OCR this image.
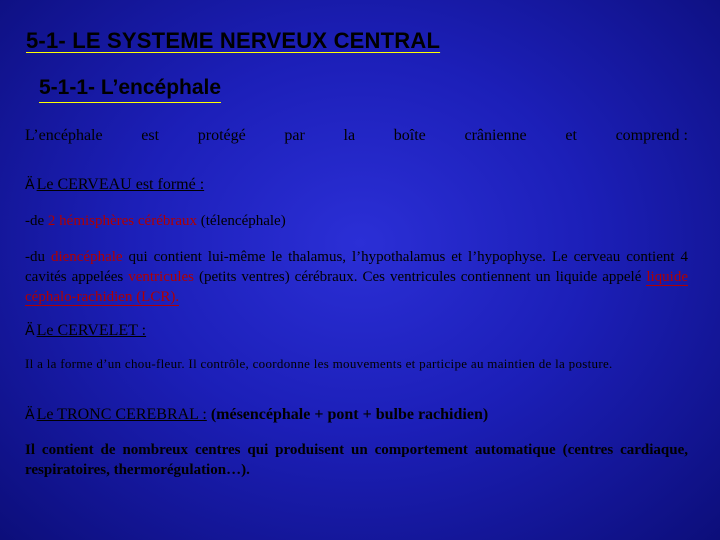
5-1- LE SYSTEME NERVEUX CENTRAL
5-1-1- L’encéphale
L’encéphale est protégé par la boîte crânienne et comprend :
Ä Le CERVEAU est formé :
-de 2 hémisphères cérébraux (télencéphale)
-du diencéphale qui contient lui-même le thalamus, l’hypothalamus et l’hypophyse. Le cerveau contient 4 cavités appelées ventricules (petits ventres) cérébraux. Ces ventricules contiennent un liquide appelé liquide céphalo-rachidien (LCR).
Ä Le CERVELET :
Il a la forme d’un chou-fleur. Il contrôle, coordonne les mouvements et participe au maintien de la posture.
Ä Le TRONC CEREBRAL : (mésencéphale + pont + bulbe rachidien)
Il contient de nombreux centres qui produisent un comportement automatique (centres cardiaque, respiratoires, thermorégulation…).
